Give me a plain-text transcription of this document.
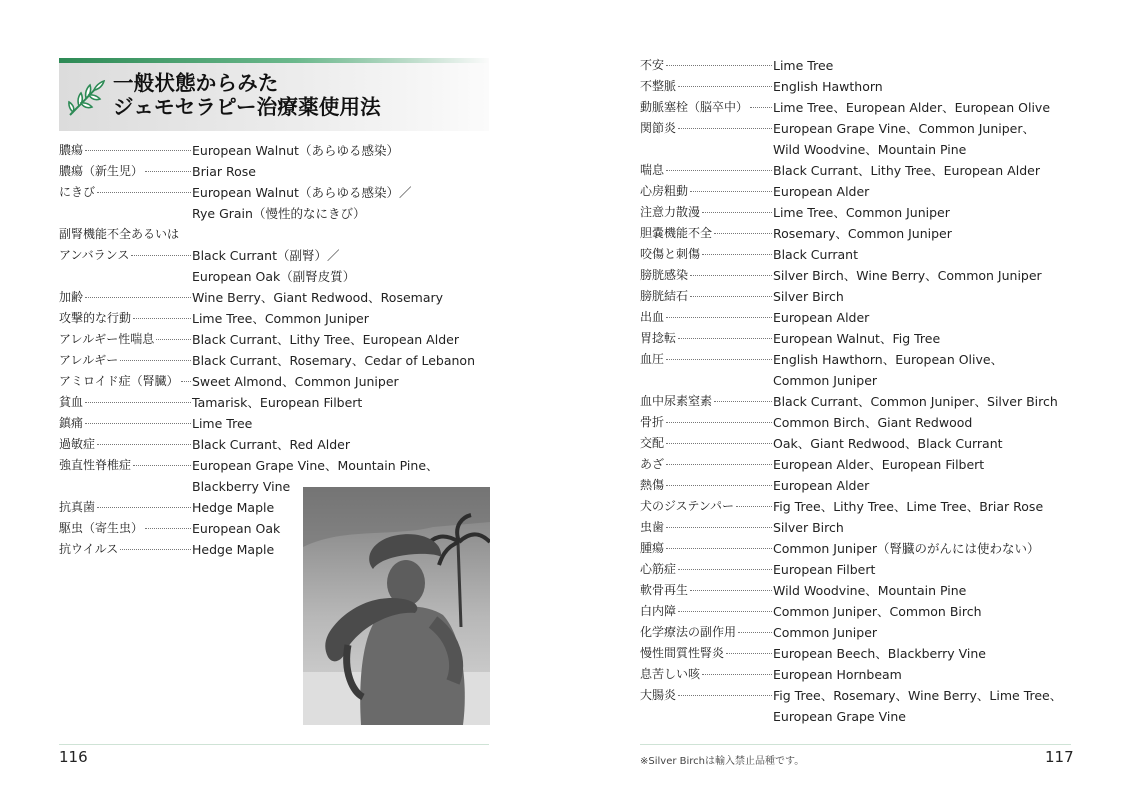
一般状態からみた
ジェモセラピー治療薬使用法
膿瘍	European Walnut（あらゆる感染）
膿瘍（新生児）	Briar Rose
にきび	European Walnut（あらゆる感染）／
Rye Grain（慢性的なにきび）
副腎機能不全あるいは
アンバランス	Black Currant（副腎）／
European Oak（副腎皮質）
加齢	Wine Berry、Giant Redwood、Rosemary
攻撃的な行動	Lime Tree、Common Juniper
アレルギー性喘息	Black Currant、Lithy Tree、European Alder
アレルギー	Black Currant、Rosemary、Cedar of Lebanon
アミロイド症（腎臓） Sweet Almond、Common Juniper
貧血	Tamarisk、European Filbert
鎮痛	Lime Tree
過敏症	Black Currant、Red Alder
強直性脊椎症	European Grape Vine、Mountain Pine、
Blackberry Vine
抗真菌	Hedge Maple
駆虫（寄生虫）	European Oak
抗ウイルス	Hedge Maple
116
不安	Lime Tree
不整脈	English Hawthorn
動脈塞栓（脳卒中） Lime Tree、European Alder、European Olive
関節炎	European Grape Vine、Common Juniper、
Wild Woodvine、Mountain Pine
喘息	Black Currant、Lithy Tree、European Alder
心房粗動	European Alder
注意力散漫	Lime Tree、Common Juniper
胆嚢機能不全	Rosemary、Common Juniper
咬傷と刺傷	Black Currant
膀胱感染	Silver Birch、Wine Berry、Common Juniper
膀胱結石	Silver Birch
出血	European Alder
胃捻転	European Walnut、Fig Tree
血圧	English Hawthorn、European Olive、
Common Juniper
血中尿素窒素	Black Currant、Common Juniper、Silver Birch
骨折	Common Birch、Giant Redwood
交配	Oak、Giant Redwood、Black Currant
あざ	European Alder、European Filbert
熱傷	European Alder
犬のジステンパー	Fig Tree、Lithy Tree、Lime Tree、Briar Rose
虫歯	Silver Birch
腫瘍	Common Juniper（腎臓のがんには使わない）
心筋症	European Filbert
軟骨再生	Wild Woodvine、Mountain Pine
白内障	Common Juniper、Common Birch
化学療法の副作用	Common Juniper
慢性間質性腎炎	European Beech、Blackberry Vine
息苦しい咳	European Hornbeam
大腸炎	Fig Tree、Rosemary、Wine Berry、Lime Tree、
European Grape Vine
※Silver Birchは輸入禁止品種です。	117
